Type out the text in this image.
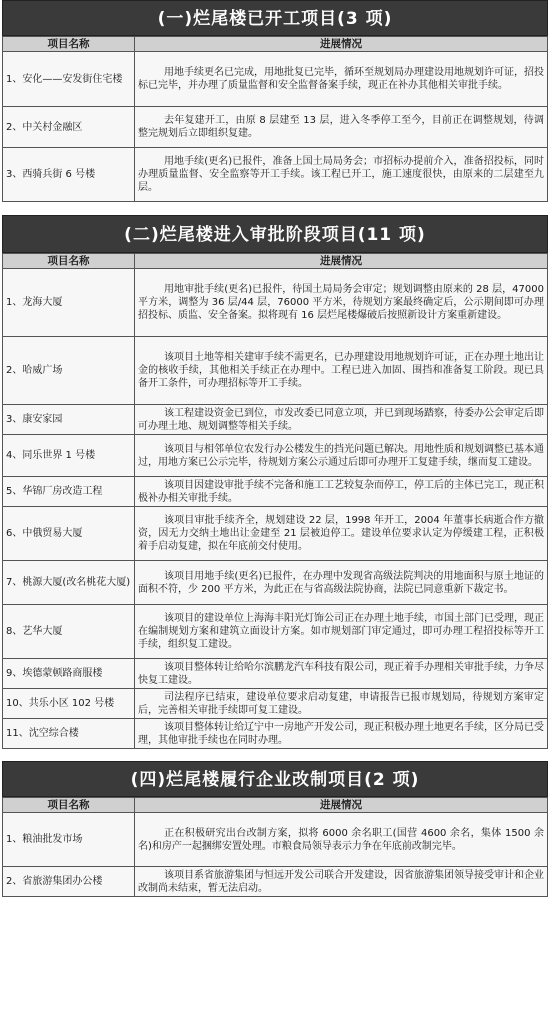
(一)烂尾楼已开工项目(3 项)
项目名称	进展情况
1、安化——安发街住宅楼	用地手续更名已完成，用地批复已完毕，循环至规划局办理建设用地规划许可证，招投标已完毕，并办理了质量监督和安全监督备案手续，现正在补办其他相关审批手续。
2、中关村金融区	去年复建开工，由原 8 层建至 13 层，进入冬季停工至今，目前正在调整规划，待调整完规划后立即组织复建。
3、西骑兵街 6 号楼	用地手续(更名)已报件，准备上国土局局务会；市招标办提前介入，准备招投标，同时办理质量监督、安全监察等开工手续。该工程已开工，施工速度很快，由原来的二层建至九层。
(二)烂尾楼进入审批阶段项目(11 项)
项目名称	进展情况
1、龙海大厦	用地审批手续(更名)已报件，待国土局局务会审定；规划调整由原来的 28 层，47000 平方米，调整为 36 层/44 层，76000 平方米，待规划方案最终确定后，公示期间即可办理招投标、质监、安全备案。拟将现有 16 层烂尾楼爆破后按照新设计方案重新建设。
2、哈威广场	该项目土地等相关建审手续不需更名，已办理建设用地规划许可证，正在办理土地出让金的核收手续，其他相关手续正在办理中。工程已进入加固、围挡和准备复工阶段。现已具备开工条件，可办理招标等开工手续。
3、康安家园	该工程建设资金已到位，市发改委已同意立项，并已到现场踏察，待委办公会审定后即可办理土地、规划调整等相关手续。
4、同乐世界 1 号楼	该项目与相邻单位农发行办公楼发生的挡光问题已解决。用地性质和规划调整已基本通过，用地方案已公示完毕，待规划方案公示通过后即可办理开工复建手续，继而复工建设。
5、华锦厂房改造工程	该项目因建设审批手续不完备和施工工艺较复杂而停工，停工后的主体已完工，现正积极补办相关审批手续。
6、中俄贸易大厦	该项目审批手续齐全，规划建设 22 层，1998 年开工，2004 年董事长病逝合作方撤资，因无力交纳土地出让金建至 21 层被迫停工。建设单位要求认定为停缓建工程，正积极着手启动复建，拟在年底前交付使用。
7、桃源大厦(改名桃花大厦)	该项目用地手续(更名)已报件，在办理中发现省高级法院判决的用地面积与原土地证的面积不符，少 200 平方米，为此正在与省高级法院协商，法院已同意重新下裁定书。
8、艺华大厦	该项目的建设单位上海海丰阳光灯饰公司正在办理土地手续，市国土部门已受理，现正在编制规划方案和建筑立面设计方案。如市规划部门审定通过，即可办理工程招投标等开工手续，组织复工建设。
9、埃德蒙顿路商服楼	该项目整体转让给哈尔滨鹏龙汽车科技有限公司，现正着手办理相关审批手续，力争尽快复工建设。
10、共乐小区 102 号楼	司法程序已结束，建设单位要求启动复建，申请报告已报市规划局，待规划方案审定后，完善相关审批手续即可复工建设。
11、沈空综合楼	该项目整体转让给辽宁中一房地产开发公司，现正积极办理土地更名手续，区分局已受理，其他审批手续也在同时办理。
(四)烂尾楼履行企业改制项目(2 项)
项目名称	进展情况
1、粮油批发市场	正在积极研究出台改制方案，拟将 6000 余名职工(国营 4600 余名，集体 1500 余名)和房产一起捆绑安置处理。市粮食局领导表示力争在年底前改制完毕。
2、省旅游集团办公楼	该项目系省旅游集团与恒远开发公司联合开发建设，因省旅游集团领导接受审计和企业改制尚未结束，暂无法启动。
